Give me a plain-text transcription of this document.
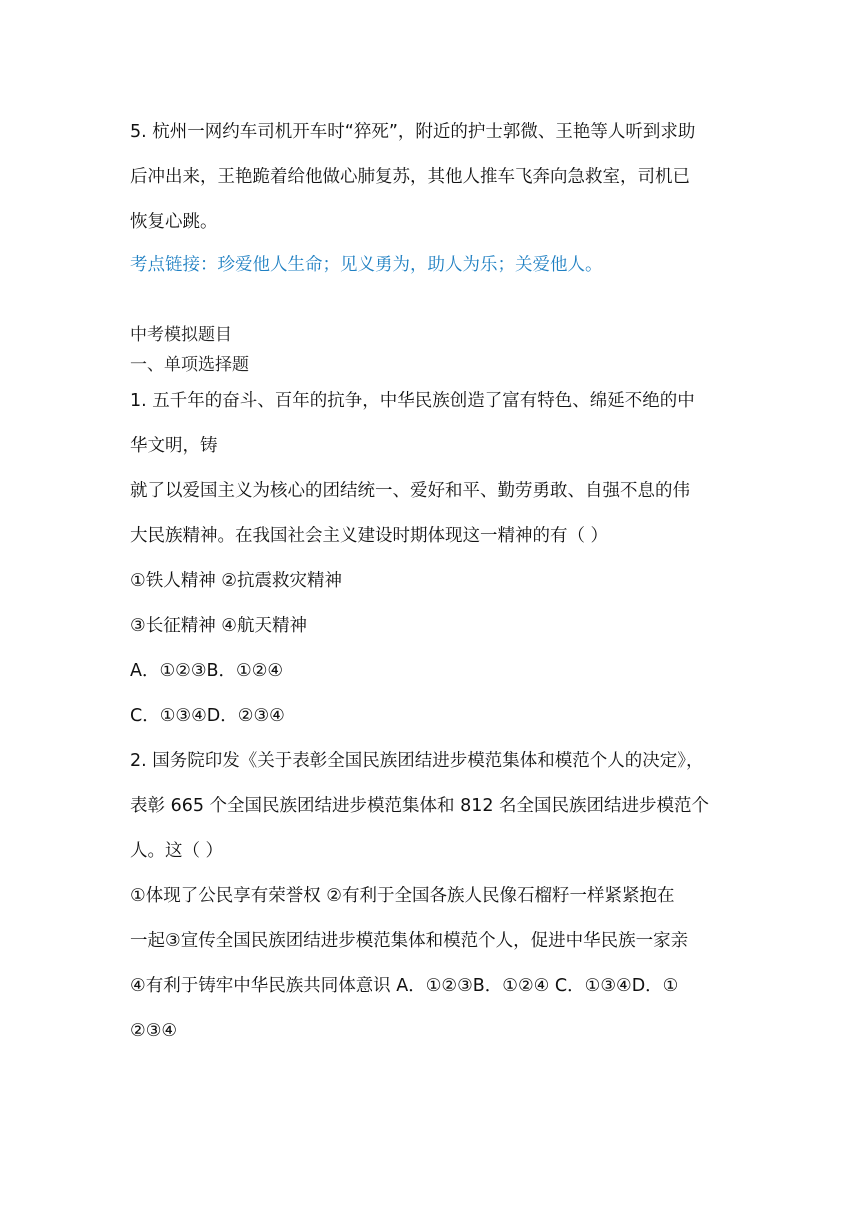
5. 杭州一网约车司机开车时“猝死”，附近的护士郭微、王艳等人听到求助

后冲出来，王艳跪着给他做心肺复苏，其他人推车飞奔向急救室，司机已

恢复心跳。

考点链接：珍爱他人生命；见义勇为，助人为乐；关爱他人。

中考模拟题目

一、单项选择题

1. 五千年的奋斗、百年的抗争，中华民族创造了富有特色、绵延不绝的中

华文明，铸

就了以爱国主义为核心的团结统一、爱好和平、勤劳勇敢、自强不息的伟

大民族精神。在我国社会主义建设时期体现这一精神的有（ ）

①铁人精神 ②抗震救灾精神

③长征精神 ④航天精神

A．①②③B．①②④

C．①③④D．②③④

2. 国务院印发《关于表彰全国民族团结进步模范集体和模范个人的决定》，

表彰 665 个全国民族团结进步模范集体和 812 名全国民族团结进步模范个

人。这（ ）

①体现了公民享有荣誉权 ②有利于全国各族人民像石榴籽一样紧紧抱在

一起③宣传全国民族团结进步模范集体和模范个人，促进中华民族一家亲

④有利于铸牢中华民族共同体意识 A．①②③B．①②④ C．①③④D．①

②③④
